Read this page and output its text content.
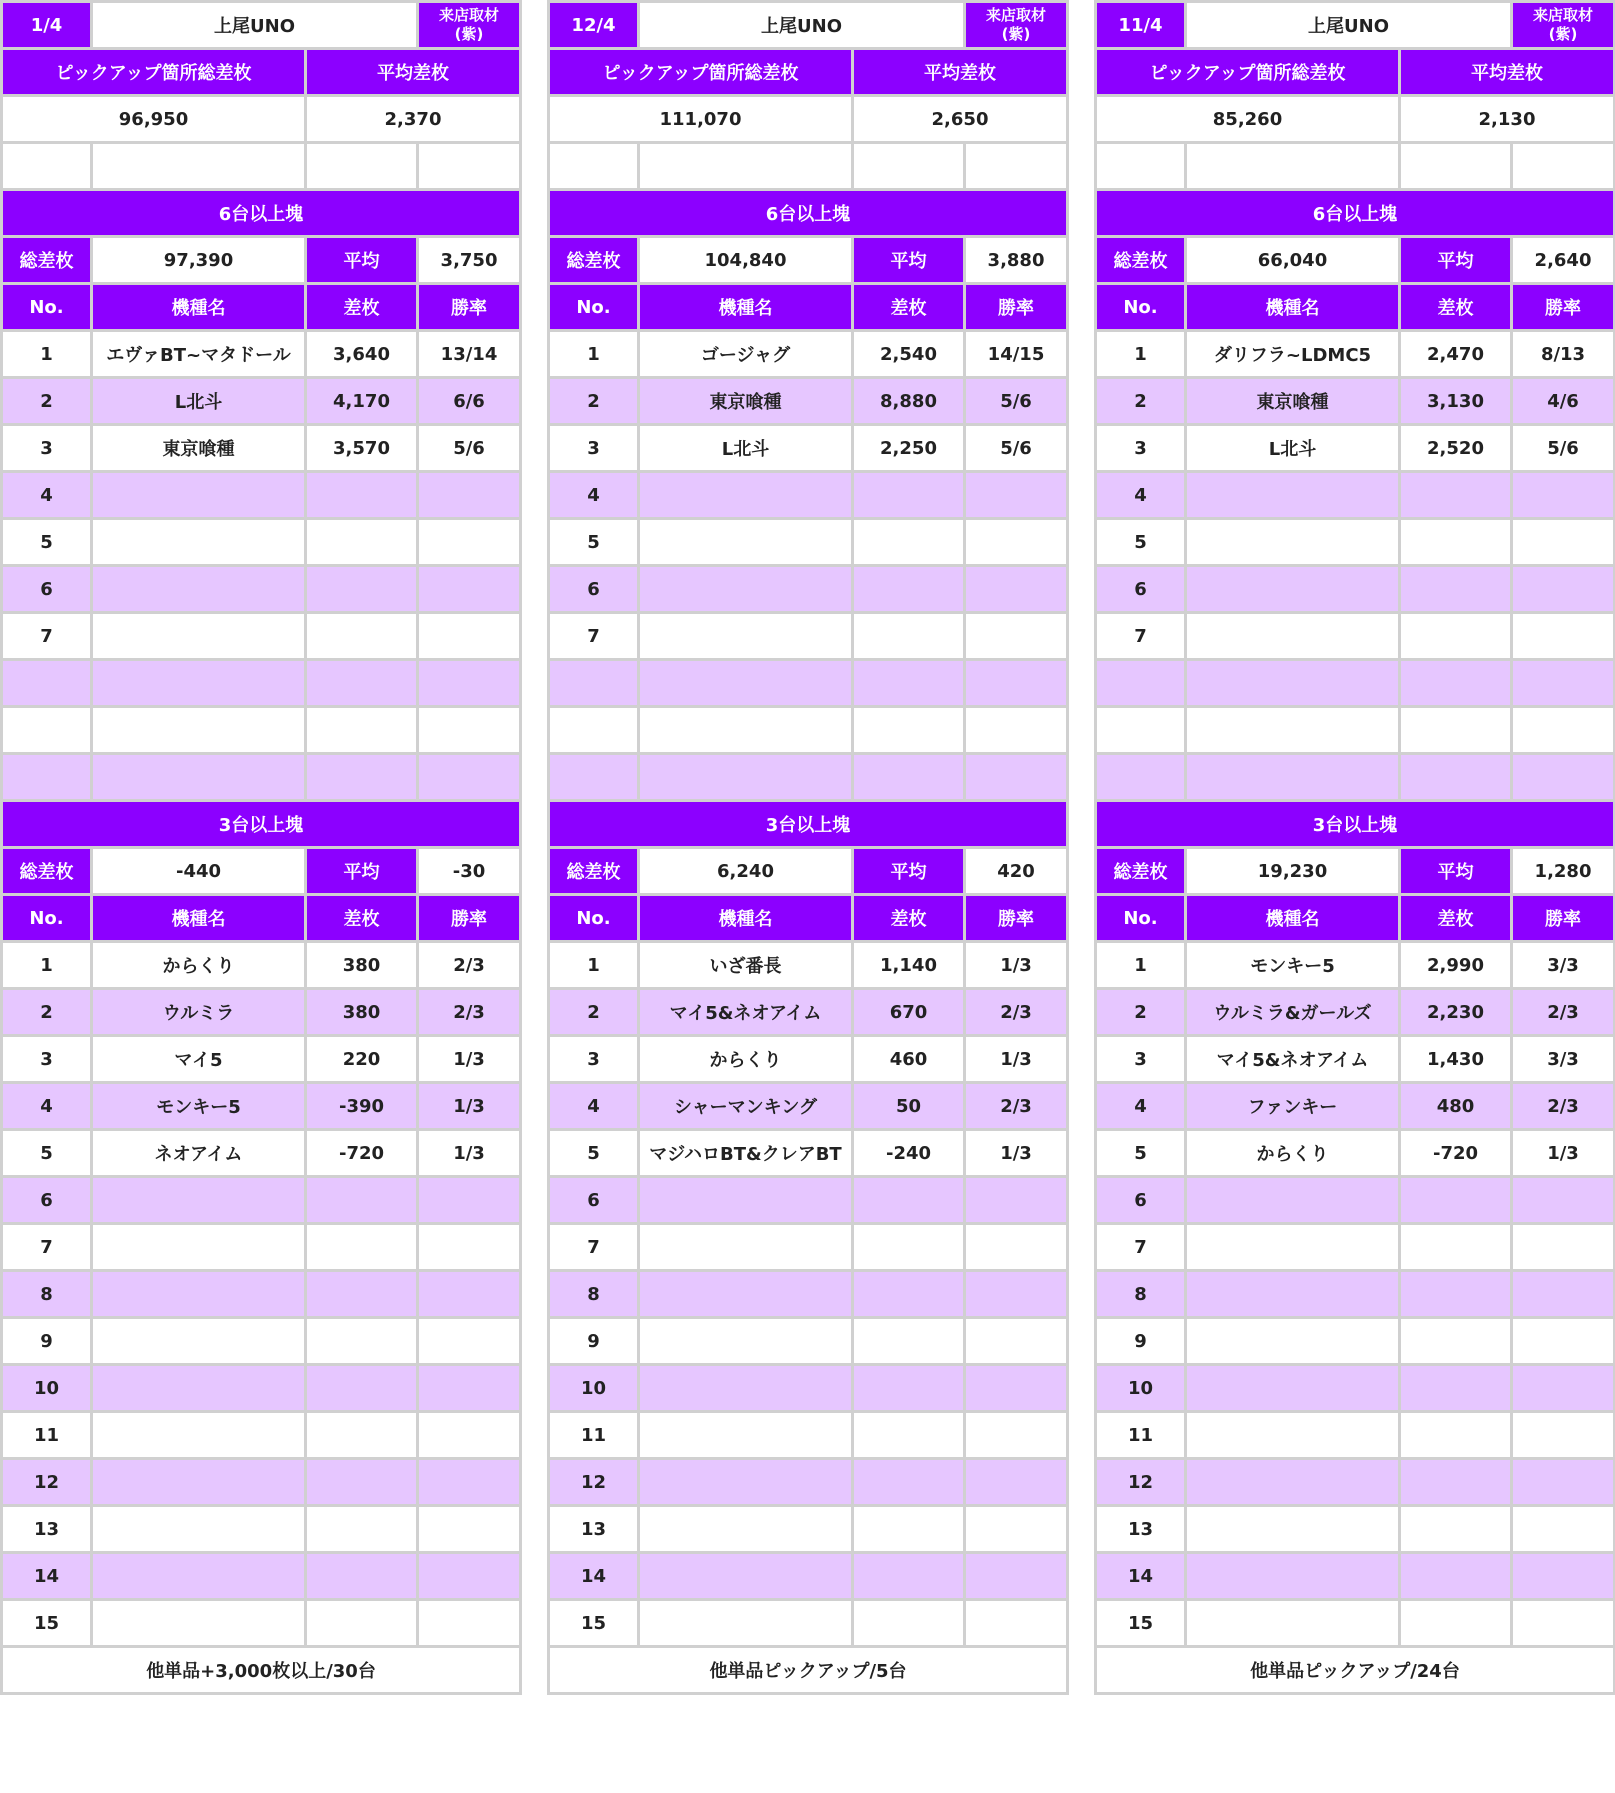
1/4	上尾UNO		来店取材
(紫)
ピックアップ箇所総差枚		平均差枚	
96,950		2,370	

6台以上塊			
総差枚	97,390	平均	3,750
No.	機種名	差枚	勝率
1	エヴァBT~マタドール	3,640	13/14
2	L北斗	4,170	6/6
3	東京喰種	3,570	5/6
4			
5			
6			
7			

3台以上塊			
総差枚	-440	平均	-30
No.	機種名	差枚	勝率
1	からくり	380	2/3
2	ウルミラ	380	2/3
3	マイ5	220	1/3
4	モンキー5	-390	1/3
5	ネオアイム	-720	1/3
6			
7			
8			
9			
10			
11			
12			
13			
14			
15			
他単品+3,000枚以上/30台			
12/4	上尾UNO		来店取材
(紫)
ピックアップ箇所総差枚		平均差枚	
111,070		2,650	

6台以上塊			
総差枚	104,840	平均	3,880
No.	機種名	差枚	勝率
1	ゴージャグ	2,540	14/15
2	東京喰種	8,880	5/6
3	L北斗	2,250	5/6
4			
5			
6			
7			

3台以上塊			
総差枚	6,240	平均	420
No.	機種名	差枚	勝率
1	いざ番長	1,140	1/3
2	マイ5&ネオアイム	670	2/3
3	からくり	460	1/3
4	シャーマンキング	50	2/3
5	マジハロBT&クレアBT	-240	1/3
6			
7			
8			
9			
10			
11			
12			
13			
14			
15			
他単品ピックアップ/5台			
11/4	上尾UNO		来店取材
(紫)
ピックアップ箇所総差枚		平均差枚	
85,260		2,130	

6台以上塊			
総差枚	66,040	平均	2,640
No.	機種名	差枚	勝率
1	ダリフラ~LDMC5	2,470	8/13
2	東京喰種	3,130	4/6
3	L北斗	2,520	5/6
4			
5			
6			
7			

3台以上塊			
総差枚	19,230	平均	1,280
No.	機種名	差枚	勝率
1	モンキー5	2,990	3/3
2	ウルミラ&ガールズ	2,230	2/3
3	マイ5&ネオアイム	1,430	3/3
4	ファンキー	480	2/3
5	からくり	-720	1/3
6			
7			
8			
9			
10			
11			
12			
13			
14			
15			
他単品ピックアップ/24台			
